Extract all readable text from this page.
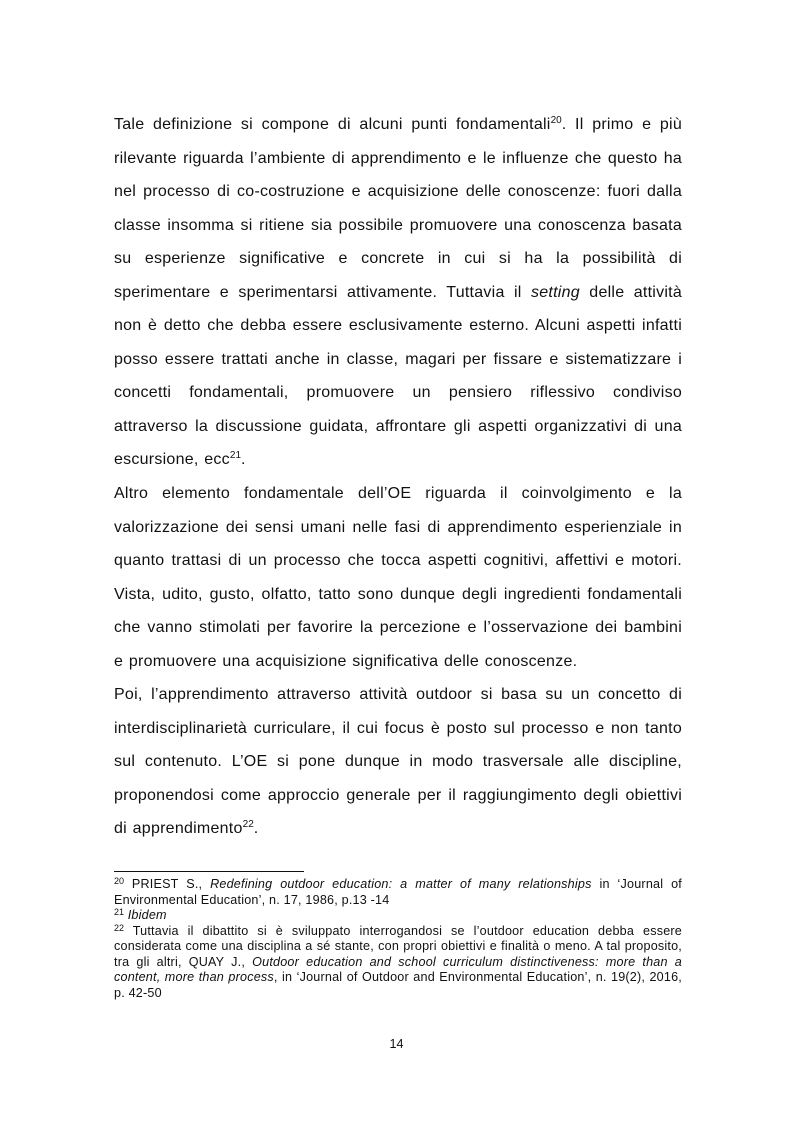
Tale definizione si compone di alcuni punti fondamentali$^{20}$. Il primo e più rilevante riguarda l’ambiente di apprendimento e le influenze che questo ha nel processo di co-costruzione e acquisizione delle conoscenze: fuori dalla classe insomma si ritiene sia possibile promuovere una conoscenza basata su esperienze significative e concrete in cui si ha la possibilità di sperimentare e sperimentarsi attivamente. Tuttavia il setting delle attività non è detto che debba essere esclusivamente esterno. Alcuni aspetti infatti posso essere trattati anche in classe, magari per fissare e sistematizzare i concetti fondamentali, promuovere un pensiero riflessivo condiviso attraverso la discussione guidata, affrontare gli aspetti organizzativi di una escursione, ecc$^{21}$.

Altro elemento fondamentale dell’OE riguarda il coinvolgimento e la valorizzazione dei sensi umani nelle fasi di apprendimento esperienziale in quanto trattasi di un processo che tocca aspetti cognitivi, affettivi e motori. Vista, udito, gusto, olfatto, tatto sono dunque degli ingredienti fondamentali che vanno stimolati per favorire la percezione e l’osservazione dei bambini e promuovere una acquisizione significativa delle conoscenze.

Poi, l’apprendimento attraverso attività outdoor si basa su un concetto di interdisciplinarietà curriculare, il cui focus è posto sul processo e non tanto sul contenuto. L’OE si pone dunque in modo trasversale alle discipline, proponendosi come approccio generale per il raggiungimento degli obiettivi di apprendimento$^{22}$.

$^{20}$ PRIEST S., Redefining outdoor education: a matter of many relationships in ‘Journal of Environmental Education’, n. 17, 1986, p.13 -14

$^{21}$ Ibidem

$^{22}$ Tuttavia il dibattito si è sviluppato interrogandosi se l’outdoor education debba essere considerata come una disciplina a sé stante, con propri obiettivi e finalità o meno. A tal proposito, tra gli altri, QUAY J., Outdoor education and school curriculum distinctiveness: more than a content, more than process, in ‘Journal of Outdoor and Environmental Education’, n. 19(2), 2016, p. 42-50

14
